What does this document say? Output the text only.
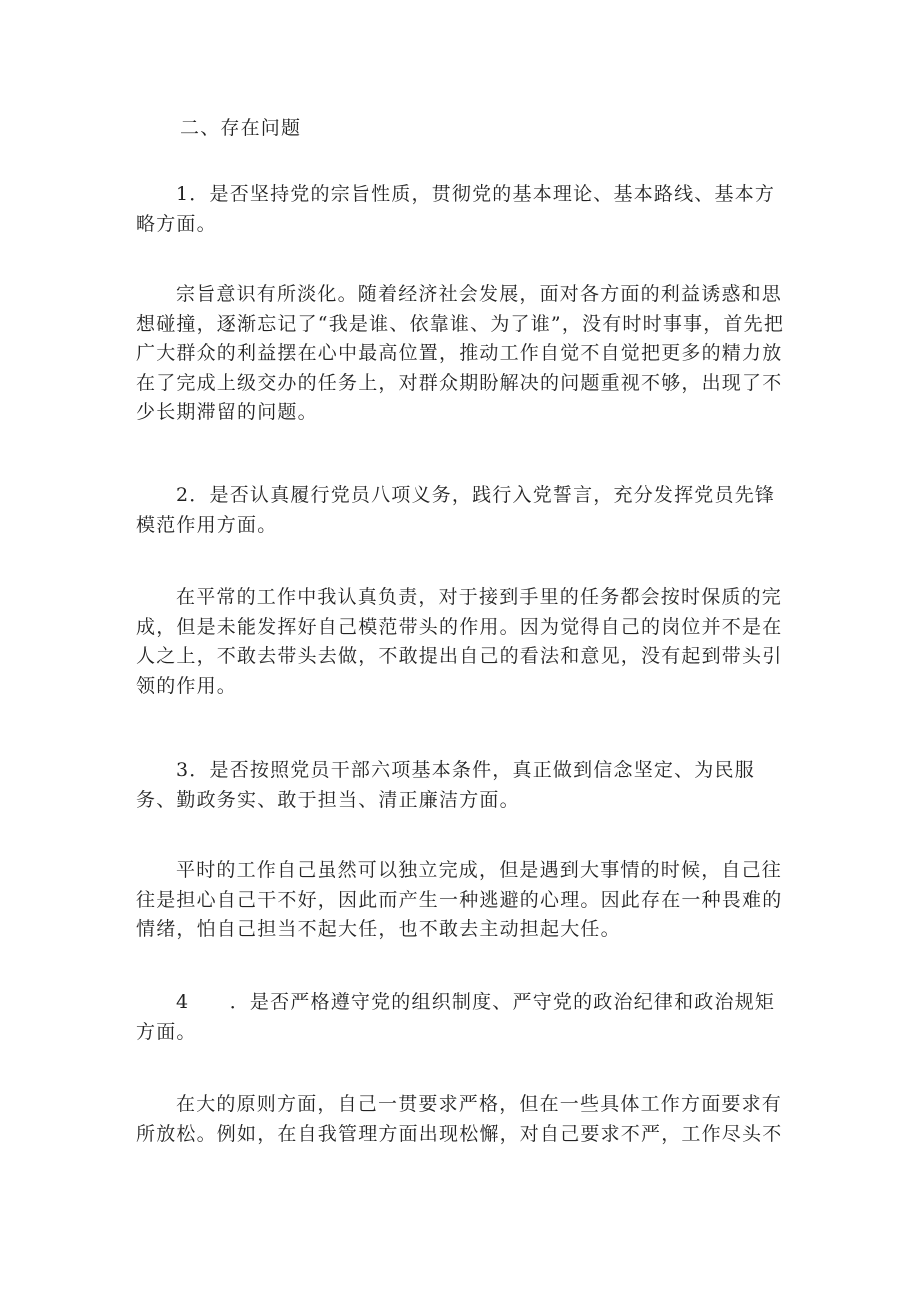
二、存在问题

1．是否坚持党的宗旨性质，贯彻党的基本理论、基本路线、基本方略方面。

宗旨意识有所淡化。随着经济社会发展，面对各方面的利益诱惑和思想碰撞，逐渐忘记了“我是谁、依靠谁、为了谁”，没有时时事事，首先把广大群众的利益摆在心中最高位置，推动工作自觉不自觉把更多的精力放在了完成上级交办的任务上，对群众期盼解决的问题重视不够，出现了不少长期滞留的问题。

2．是否认真履行党员八项义务，践行入党誓言，充分发挥党员先锋模范作用方面。

在平常的工作中我认真负责，对于接到手里的任务都会按时保质的完成，但是未能发挥好自己模范带头的作用。因为觉得自己的岗位并不是在人之上，不敢去带头去做，不敢提出自己的看法和意见，没有起到带头引领的作用。

3．是否按照党员干部六项基本条件，真正做到信念坚定、为民服务、勤政务实、敢于担当、清正廉洁方面。

平时的工作自己虽然可以独立完成，但是遇到大事情的时候，自己往往是担心自己干不好，因此而产生一种逃避的心理。因此存在一种畏难的情绪，怕自己担当不起大任，也不敢去主动担起大任。

4　　．是否严格遵守党的组织制度、严守党的政治纪律和政治规矩方面。

在大的原则方面，自己一贯要求严格，但在一些具体工作方面要求有所放松。例如，在自我管理方面出现松懈，对自己要求不严，工作尽头不
